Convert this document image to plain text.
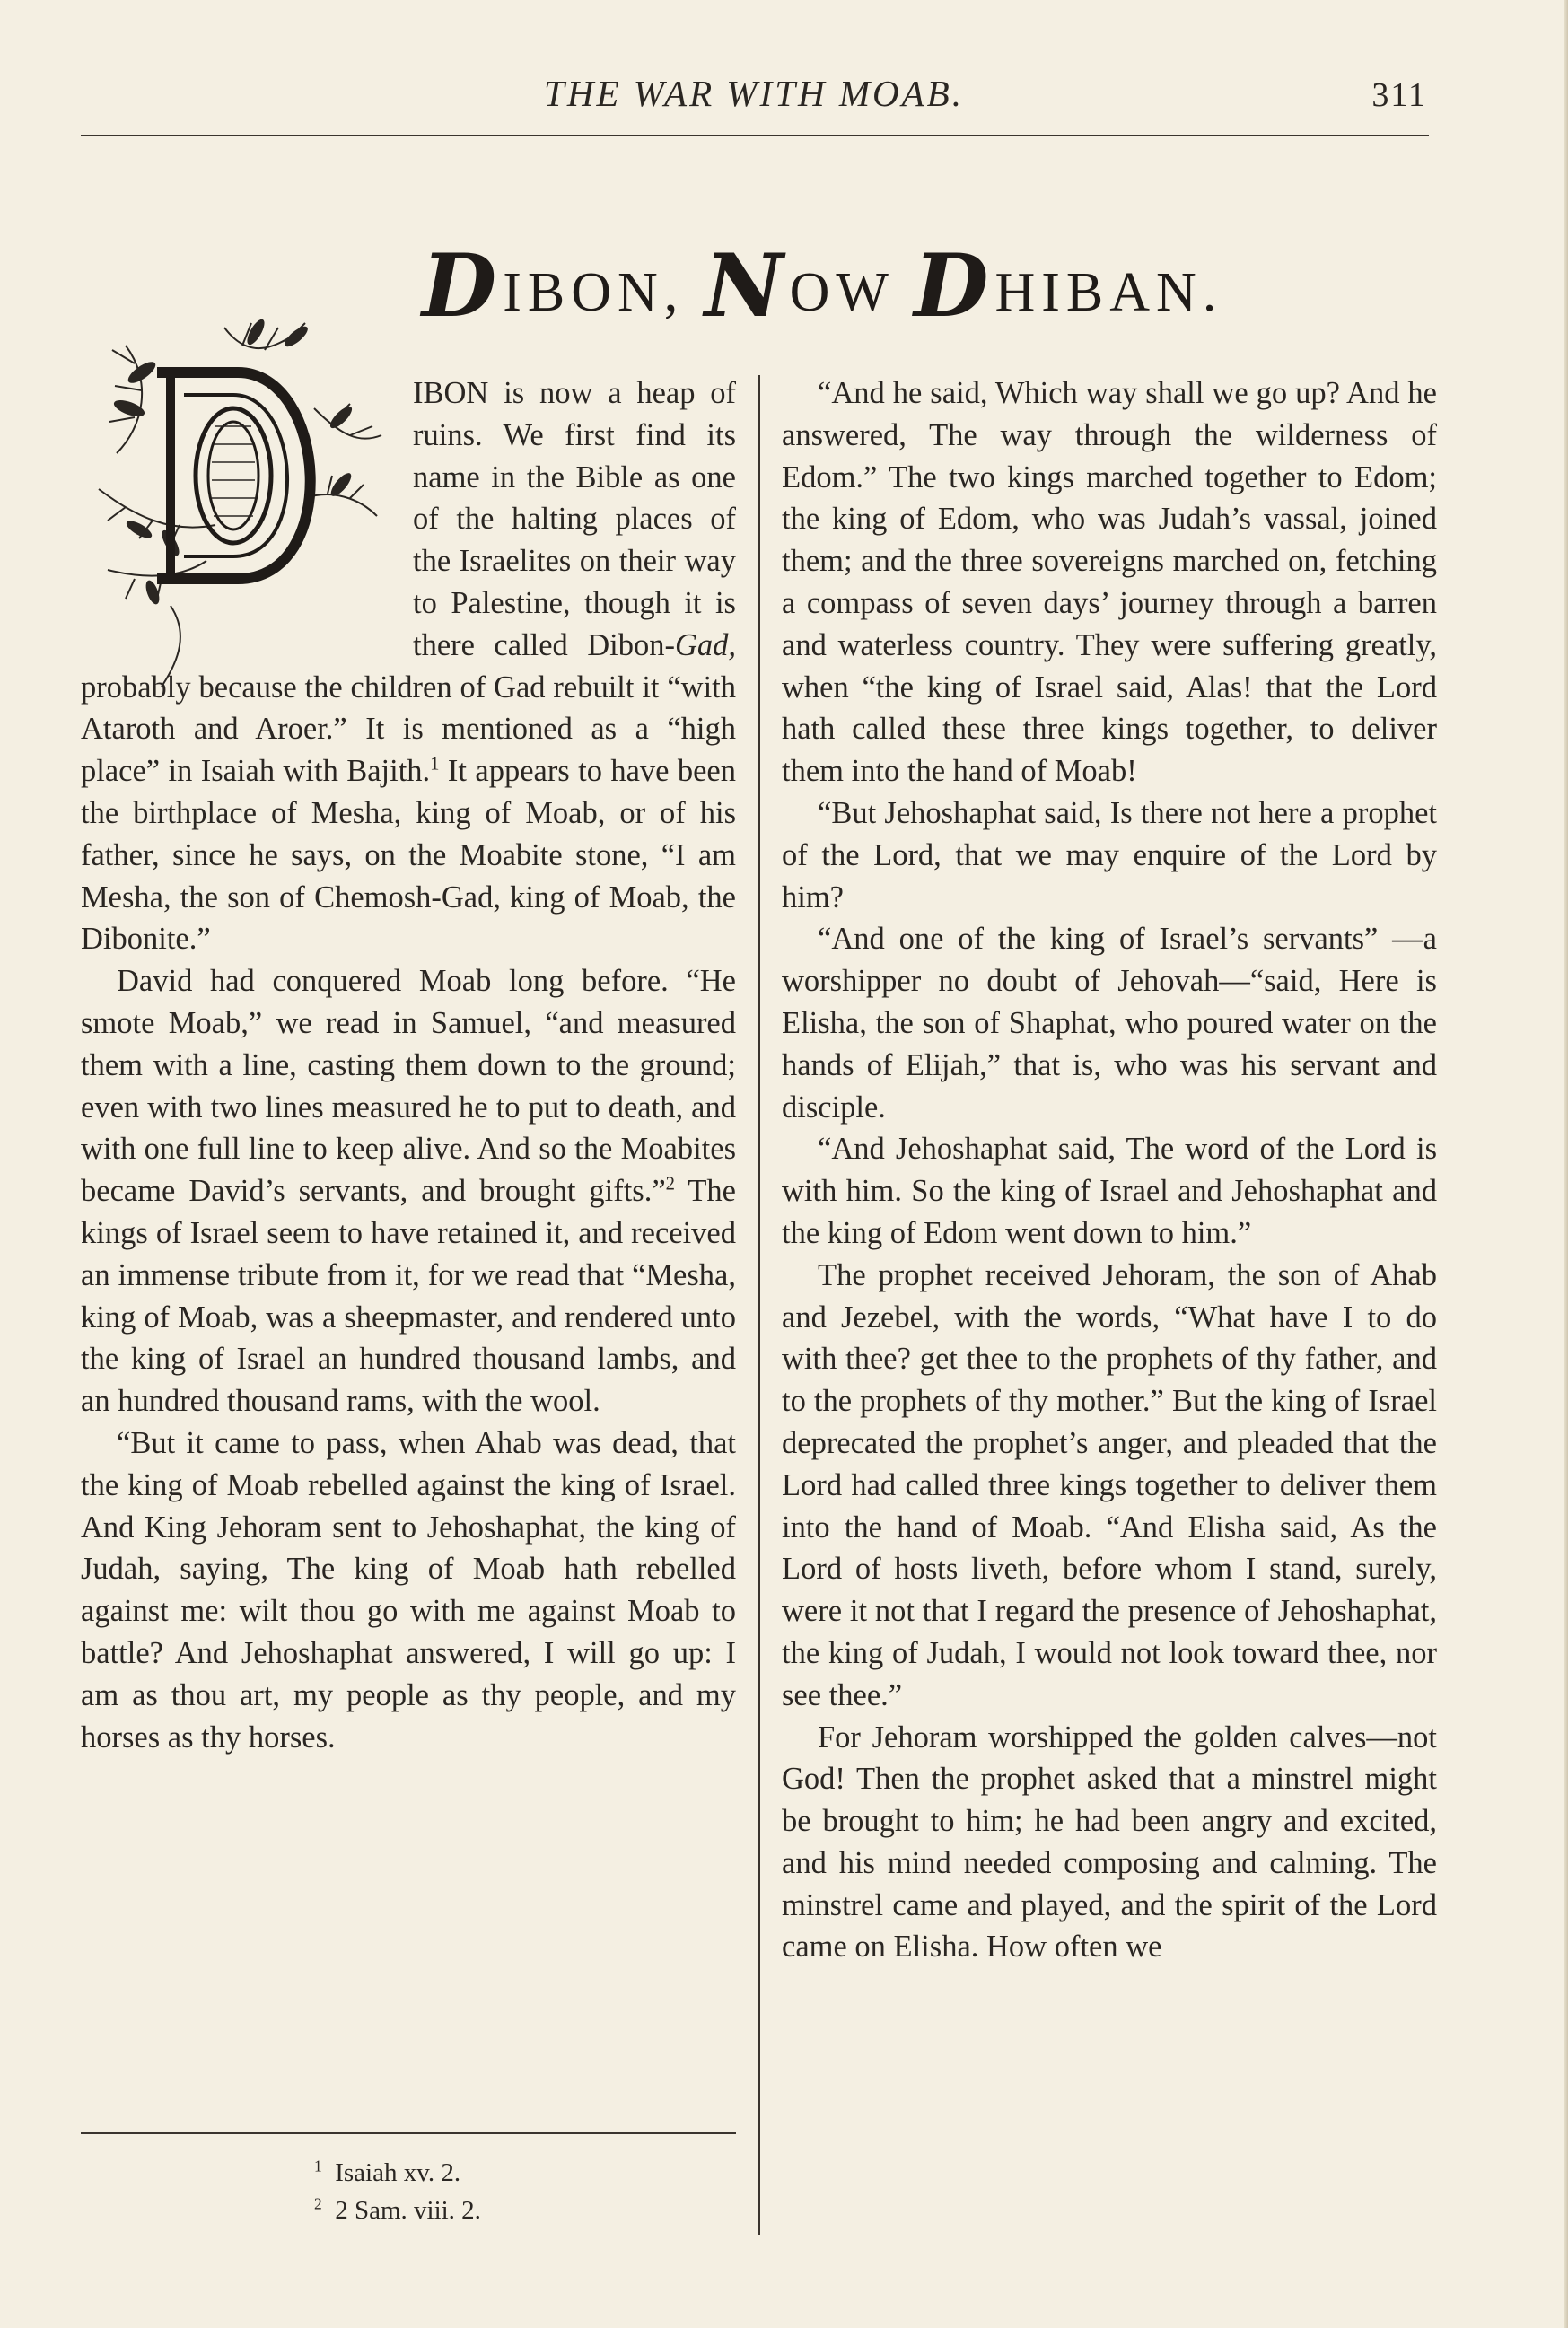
THE WAR WITH MOAB.	311
DIBON, NOW DHIBAN.

IBON is now a heap of ruins. We first find its name in the Bible as one of the halting places of the Israelites on their way to Palestine, though it is there called Dibon-Gad, probably because the children of Gad rebuilt it “with Ataroth and Aroer.” It is mentioned as a “high place” in Isaiah with Bajith.$^1$ It appears to have been the birthplace of Mesha, king of Moab, or of his father, since he says, on the Moabite stone, “I am Mesha, the son of Chemosh-Gad, king of Moab, the Dibonite.”

David had conquered Moab long before. “He smote Moab,” we read in Samuel, “and measured them with a line, casting them down to the ground; even with two lines measured he to put to death, and with one full line to keep alive. And so the Moabites became David’s servants, and brought gifts.”$^2$ The kings of Israel seem to have retained it, and received an immense tribute from it, for we read that “Mesha, king of Moab, was a sheepmaster, and rendered unto the king of Israel an hundred thousand lambs, and an hundred thousand rams, with the wool.

“But it came to pass, when Ahab was dead, that the king of Moab rebelled against the king of Israel. And King Jehoram sent to Jehoshaphat, the king of Judah, saying, The king of Moab hath rebelled against me: wilt thou go with me against Moab to battle? And Jehoshaphat answered, I will go up: I am as thou art, my people as thy people, and my horses as thy horses.

“And he said, Which way shall we go up? And he answered, The way through the wilderness of Edom.” The two kings marched together to Edom; the king of Edom, who was Judah’s vassal, joined them; and the three sovereigns marched on, fetching a compass of seven days’ journey through a barren and waterless country. They were suffering greatly, when “the king of Israel said, Alas! that the Lord hath called these three kings together, to deliver them into the hand of Moab!

“But Jehoshaphat said, Is there not here a prophet of the Lord, that we may enquire of the Lord by him?

“And one of the king of Israel’s servants” —a worshipper no doubt of Jehovah—“said, Here is Elisha, the son of Shaphat, who poured water on the hands of Elijah,” that is, who was his servant and disciple.

“And Jehoshaphat said, The word of the Lord is with him. So the king of Israel and Jehoshaphat and the king of Edom went down to him.”

The prophet received Jehoram, the son of Ahab and Jezebel, with the words, “What have I to do with thee? get thee to the prophets of thy father, and to the prophets of thy mother.” But the king of Israel deprecated the prophet’s anger, and pleaded that the Lord had called three kings together to deliver them into the hand of Moab. “And Elisha said, As the Lord of hosts liveth, before whom I stand, surely, were it not that I regard the presence of Jehoshaphat, the king of Judah, I would not look toward thee, nor see thee.”

For Jehoram worshipped the golden calves—not God! Then the prophet asked that a minstrel might be brought to him; he had been angry and excited, and his mind needed composing and calming. The minstrel came and played, and the spirit of the Lord came on Elisha. How often we

$^1$ Isaiah xv. 2.
$^2$ 2 Sam. viii. 2.
